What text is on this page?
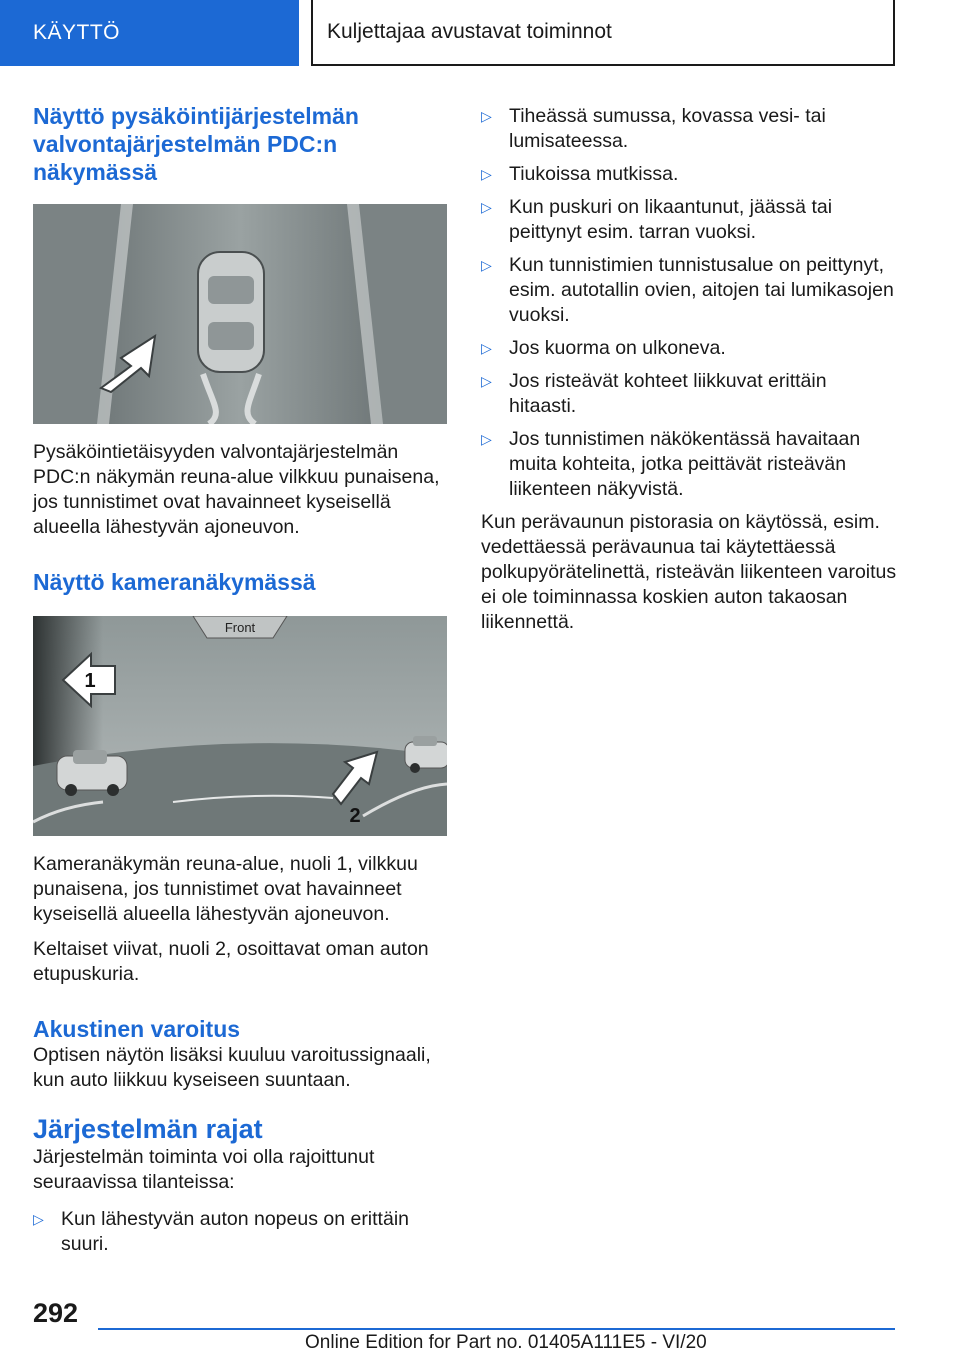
KÄYTTÖ	Kuljettajaa avustavat toiminnot
Näyttö pysäköintijärjestelmän valvontajärjestelmän PDC:n näkymässä

Pysäköintietäisyyden valvontajärjestelmän PDC:n näkymän reuna-alue vilkkuu punaisena, jos tunnistimet ovat havainneet kyseisellä alueella lähestyvän ajoneuvon.

Näyttö kameranäkymässä
Front
1
2

Kameranäkymän reuna-alue, nuoli 1, vilkkuu punaisena, jos tunnistimet ovat havainneet kyseisellä alueella lähestyvän ajoneuvon.

Keltaiset viivat, nuoli 2, osoittavat oman auton etupuskuria.

Akustinen varoitus

Optisen näytön lisäksi kuuluu varoitussignaali, kun auto liikkuu kyseiseen suuntaan.

Järjestelmän rajat

Järjestelmän toiminta voi olla rajoittunut seuraavissa tilanteissa:

▷ Kun lähestyvän auton nopeus on erittäin suuri.
▷ Tiheässä sumussa, kovassa vesi- tai lumisateessa.
▷ Tiukoissa mutkissa.
▷ Kun puskuri on likaantunut, jäässä tai peittynyt esim. tarran vuoksi.
▷ Kun tunnistimien tunnistusalue on peittynyt, esim. autotallin ovien, aitojen tai lumikasojen vuoksi.
▷ Jos kuorma on ulkoneva.
▷ Jos risteävät kohteet liikkuvat erittäin hitaasti.
▷ Jos tunnistimen näkökentässä havaitaan muita kohteita, jotka peittävät risteävän liikenteen näkyvistä.

Kun perävaunun pistorasia on käytössä, esim. vedettäessä perävaunua tai käytettäessä polkupyörätelinettä, risteävän liikenteen varoitus ei ole toiminnassa koskien auton takaosan liikennettä.

292
Online Edition for Part no. 01405A111E5 - VI/20
